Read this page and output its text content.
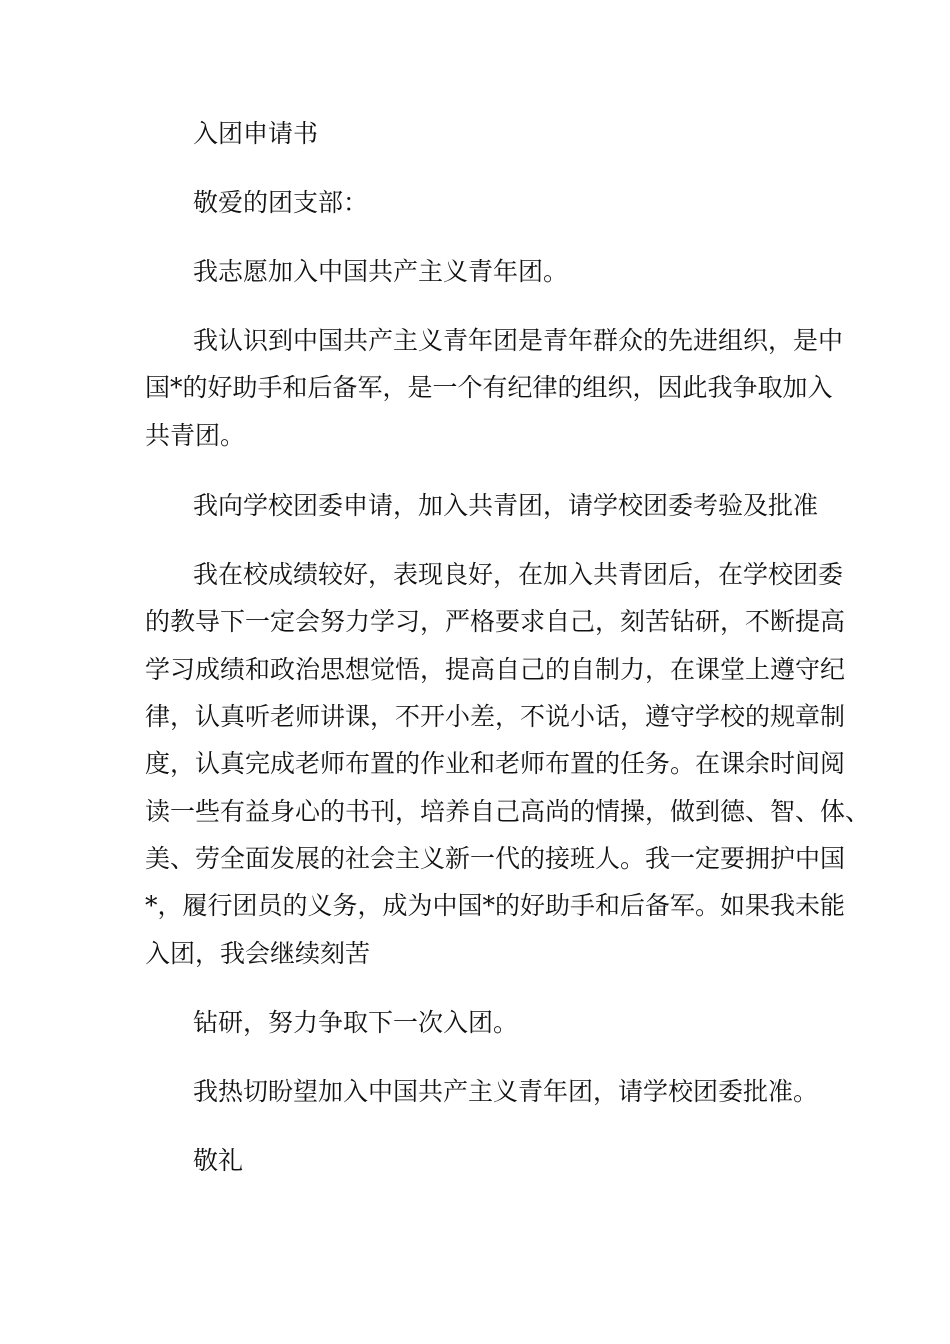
入团申请书
敬爱的团支部：
我志愿加入中国共产主义青年团。
我认识到中国共产主义青年团是青年群众的先进组织，是中
国*的好助手和后备军，是一个有纪律的组织，因此我争取加入
共青团。
我向学校团委申请，加入共青团，请学校团委考验及批准
我在校成绩较好，表现良好，在加入共青团后，在学校团委
的教导下一定会努力学习，严格要求自己，刻苦钻研，不断提高
学习成绩和政治思想觉悟，提高自己的自制力，在课堂上遵守纪
律，认真听老师讲课，不开小差，不说小话，遵守学校的规章制
度，认真完成老师布置的作业和老师布置的任务。在课余时间阅
读一些有益身心的书刊，培养自己高尚的情操，做到德、智、体、
美、劳全面发展的社会主义新一代的接班人。我一定要拥护中国
*，履行团员的义务，成为中国*的好助手和后备军。如果我未能
入团，我会继续刻苦
钻研，努力争取下一次入团。
我热切盼望加入中国共产主义青年团，请学校团委批准。
敬礼
